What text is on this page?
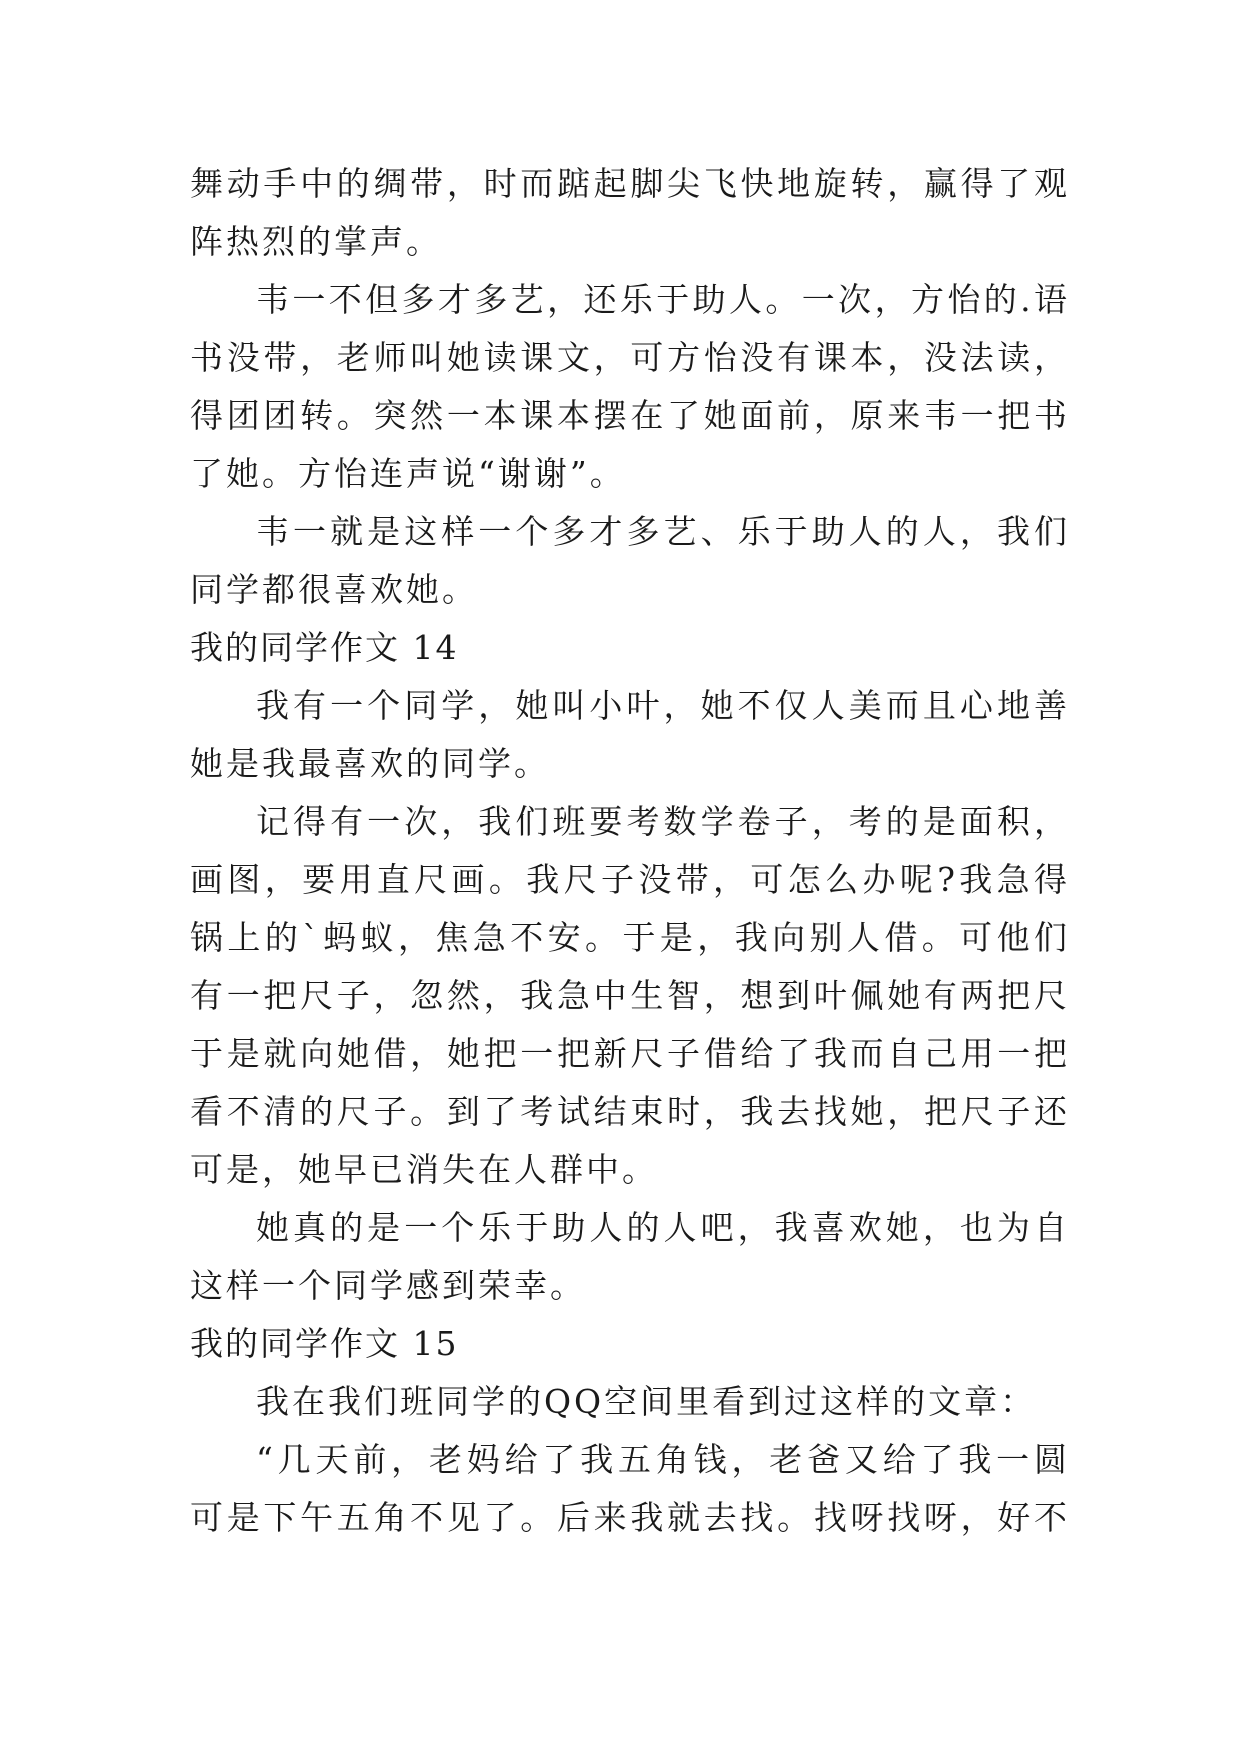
舞动手中的绸带，时而踮起脚尖飞快地旋转，赢得了观
阵热烈的掌声。
韦一不但多才多艺，还乐于助人。一次，方怡的.语
书没带，老师叫她读课文，可方怡没有课本，没法读，
得团团转。突然一本课本摆在了她面前，原来韦一把书
了她。方怡连声说“谢谢”。
韦一就是这样一个多才多艺、乐于助人的人，我们
同学都很喜欢她。
我的同学作文 14
我有一个同学，她叫小叶，她不仅人美而且心地善
她是我最喜欢的同学。
记得有一次，我们班要考数学卷子，考的是面积，
画图，要用直尺画。我尺子没带，可怎么办呢?我急得
锅上的`蚂蚁，焦急不安。于是，我向别人借。可他们
有一把尺子，忽然，我急中生智，想到叶佩她有两把尺
于是就向她借，她把一把新尺子借给了我而自己用一把
看不清的尺子。到了考试结束时，我去找她，把尺子还
可是，她早已消失在人群中。
她真的是一个乐于助人的人吧，我喜欢她，也为自
这样一个同学感到荣幸。
我的同学作文 15
我在我们班同学的QQ空间里看到过这样的文章：
“几天前，老妈给了我五角钱，老爸又给了我一圆
可是下午五角不见了。后来我就去找。找呀找呀，好不
